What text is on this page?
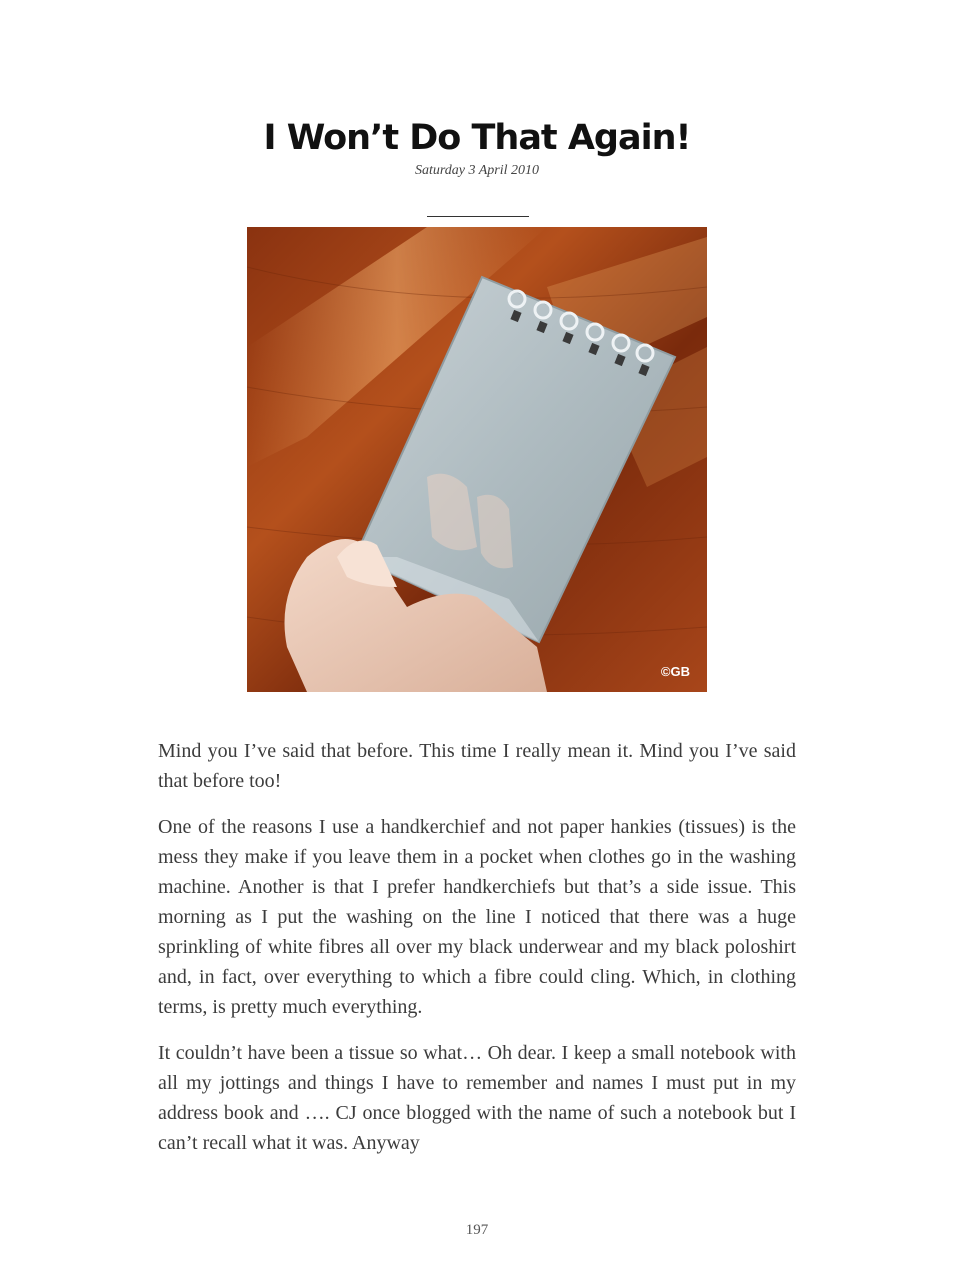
I Won’t Do That Again!
Saturday 3 April 2010
©GB

Mind you I’ve said that before. This time I really mean it. Mind you I’ve said that before too!

One of the reasons I use a handkerchief and not paper hankies (tissues) is the mess they make if you leave them in a pocket when clothes go in the washing machine. Another is that I prefer handkerchiefs but that’s a side issue. This morning as I put the washing on the line I noticed that there was a huge sprinkling of white fibres all over my black underwear and my black poloshirt and, in fact, over everything to which a fibre could cling. Which, in clothing terms, is pretty much everything.

It couldn’t have been a tissue so what… Oh dear. I keep a small notebook with all my jottings and things I have to remember and names I must put in my address book and …. CJ once blogged with the name of such a notebook but I can’t recall what it was. Anyway

197
